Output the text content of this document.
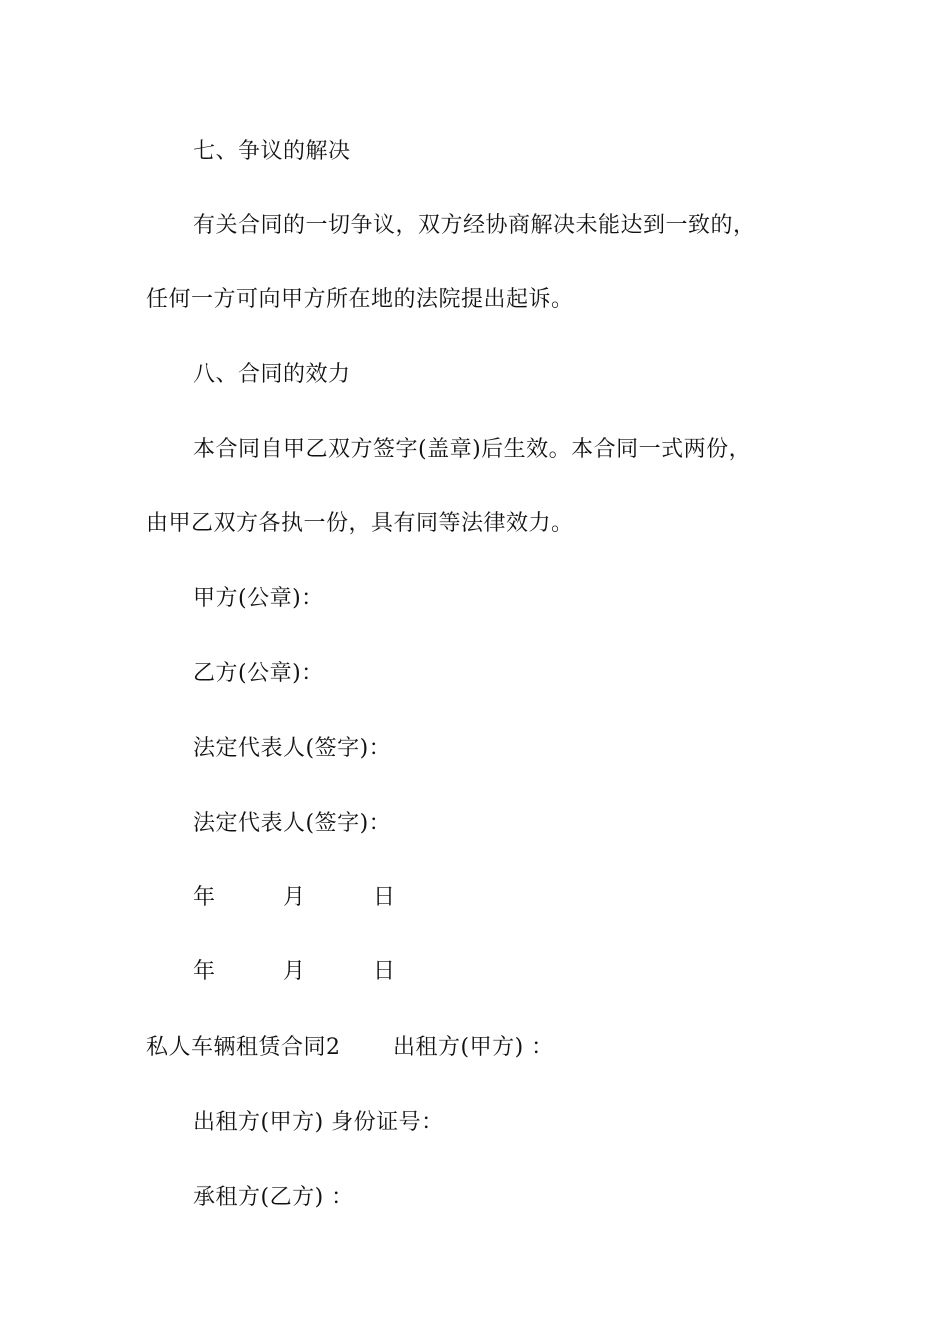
七、争议的解决
有关合同的一切争议，双方经协商解决未能达到一致的，
任何一方可向甲方所在地的法院提出起诉。
八、合同的效力
本合同自甲乙双方签字(盖章)后生效。本合同一式两份，
由甲乙双方各执一份，具有同等法律效力。
甲方(公章)：
乙方(公章)：
法定代表人(签字)：
法定代表人(签字)：
年　　　月　　　日
年　　　月　　　日
私人车辆租赁合同2　　 出租方(甲方) ：
出租方(甲方) 身份证号：
承租方(乙方) ：
